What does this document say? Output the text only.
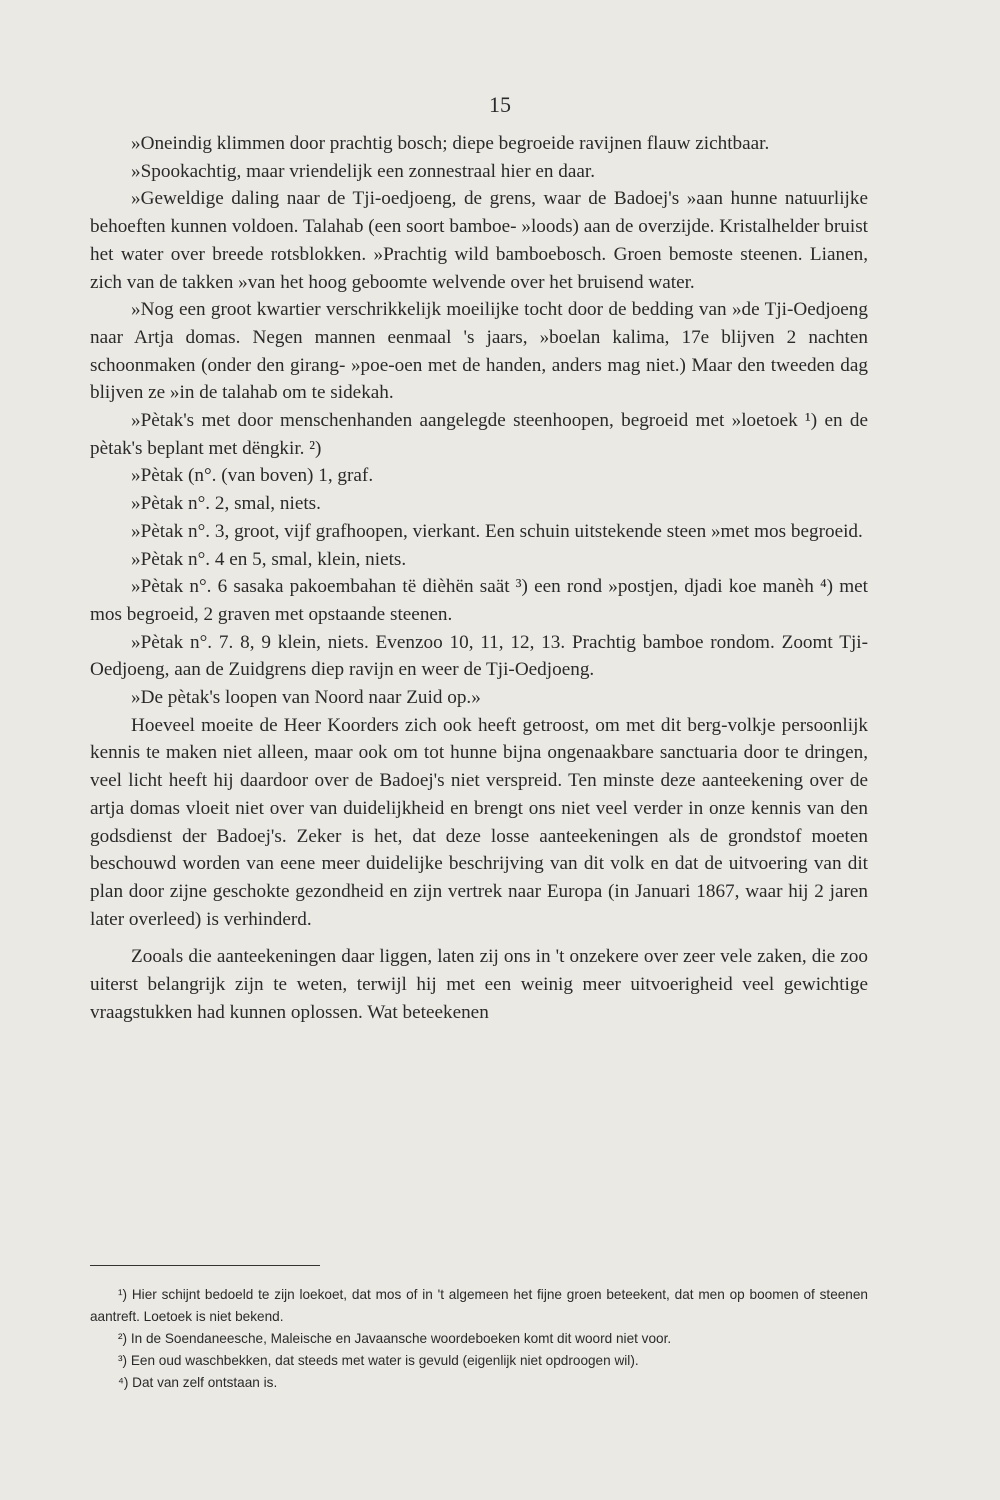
15

»Oneindig klimmen door prachtig bosch; diepe begroeide ravijnen flauw zichtbaar.

»Spookachtig, maar vriendelijk een zonnestraal hier en daar.

»Geweldige daling naar de Tji-oedjoeng, de grens, waar de Badoej's »aan hunne natuurlijke behoeften kunnen voldoen. Talahab (een soort bamboe- »loods) aan de overzijde. Kristalhelder bruist het water over breede rotsblokken. »Prachtig wild bamboebosch. Groen bemoste steenen. Lianen, zich van de takken »van het hoog geboomte welvende over het bruisend water.

»Nog een groot kwartier verschrikkelijk moeilijke tocht door de bedding van »de Tji-Oedjoeng naar Artja domas. Negen mannen eenmaal 's jaars, »boelan kalima, 17e blijven 2 nachten schoonmaken (onder den girang- »poe-oen met de handen, anders mag niet.) Maar den tweeden dag blijven ze »in de talahab om te sidekah.

»Pètak's met door menschenhanden aangelegde steenhoopen, begroeid met »loetoek ¹) en de pètak's beplant met dëngkir. ²)

»Pètak (n°. (van boven) 1, graf.

»Pètak n°. 2, smal, niets.

»Pètak n°. 3, groot, vijf grafhoopen, vierkant. Een schuin uitstekende steen »met mos begroeid.

»Pètak n°. 4 en 5, smal, klein, niets.

»Pètak n°. 6 sasaka pakoembahan të dièhën saät ³) een rond »postjen, djadi koe manèh ⁴) met mos begroeid, 2 graven met opstaande steenen.

»Pètak n°. 7. 8, 9 klein, niets. Evenzoo 10, 11, 12, 13. Prachtig bamboe rondom. Zoomt Tji-Oedjoeng, aan de Zuidgrens diep ravijn en weer de Tji-Oedjoeng.

»De pètak's loopen van Noord naar Zuid op.»

Hoeveel moeite de Heer Koorders zich ook heeft getroost, om met dit berg-volkje persoonlijk kennis te maken niet alleen, maar ook om tot hunne bijna ongenaakbare sanctuaria door te dringen, veel licht heeft hij daardoor over de Badoej's niet verspreid. Ten minste deze aanteekening over de artja domas vloeit niet over van duidelijkheid en brengt ons niet veel verder in onze kennis van den godsdienst der Badoej's. Zeker is het, dat deze losse aanteekeningen als de grondstof moeten beschouwd worden van eene meer duidelijke beschrijving van dit volk en dat de uitvoering van dit plan door zijne geschokte gezondheid en zijn vertrek naar Europa (in Januari 1867, waar hij 2 jaren later overleed) is verhinderd.

Zooals die aanteekeningen daar liggen, laten zij ons in 't onzekere over zeer vele zaken, die zoo uiterst belangrijk zijn te weten, terwijl hij met een weinig meer uitvoerigheid veel gewichtige vraagstukken had kunnen oplossen. Wat beteekenen

¹) Hier schijnt bedoeld te zijn loekoet, dat mos of in 't algemeen het fijne groen beteekent, dat men op boomen of steenen aantreft. Loetoek is niet bekend.

²) In de Soendaneesche, Maleische en Javaansche woordeboeken komt dit woord niet voor.

³) Een oud waschbekken, dat steeds met water is gevuld (eigenlijk niet opdroogen wil).

⁴) Dat van zelf ontstaan is.
